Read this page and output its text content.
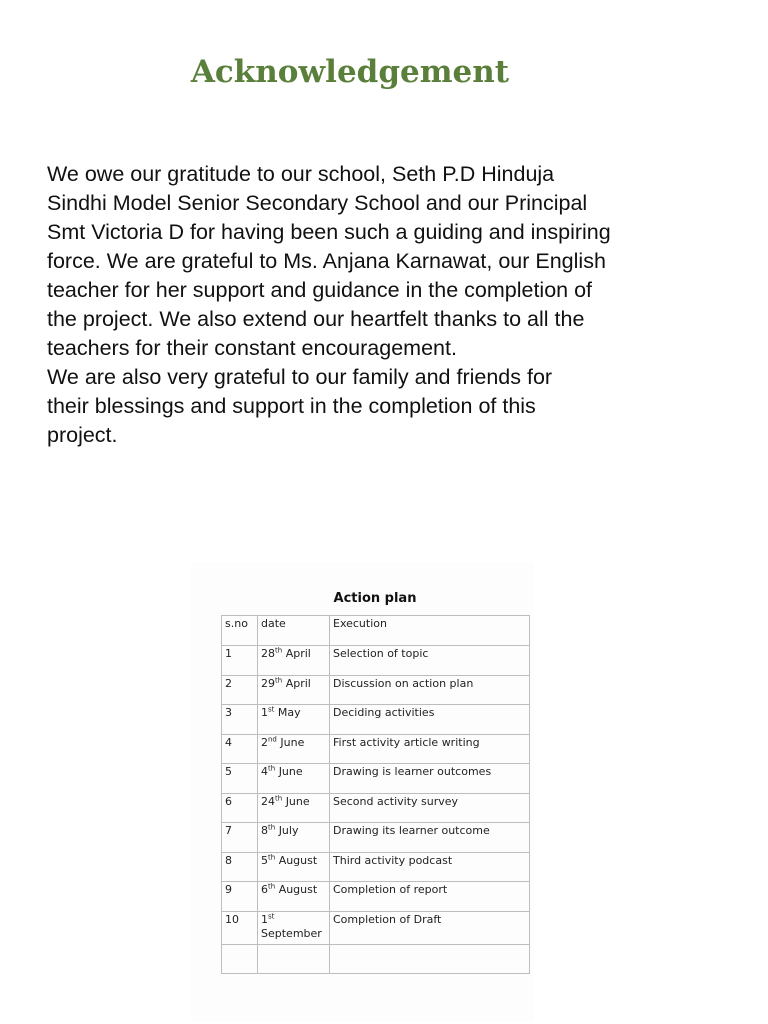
Acknowledgement
We owe our gratitude to our school, Seth P.D Hinduja
Sindhi Model Senior Secondary School and our Principal
Smt Victoria D for having been such a guiding and inspiring
force. We are grateful to Ms. Anjana Karnawat, our English
teacher for her support and guidance in the completion of
the project. We also extend our heartfelt thanks to all the
teachers for their constant encouragement.
We are also very grateful to our family and friends for
their blessings and support in the completion of this
project.
Action plan
s.no	date	Execution
1	28th April	Selection of topic
2	29th April	Discussion on action plan
3	1st May	Deciding activities
4	2nd June	First activity article writing
5	4th June	Drawing is learner outcomes
6	24th June	Second activity survey
7	8th July	Drawing its learner outcome
8	5th August	Third activity podcast
9	6th August	Completion of report
10	1st September	Completion of Draft
